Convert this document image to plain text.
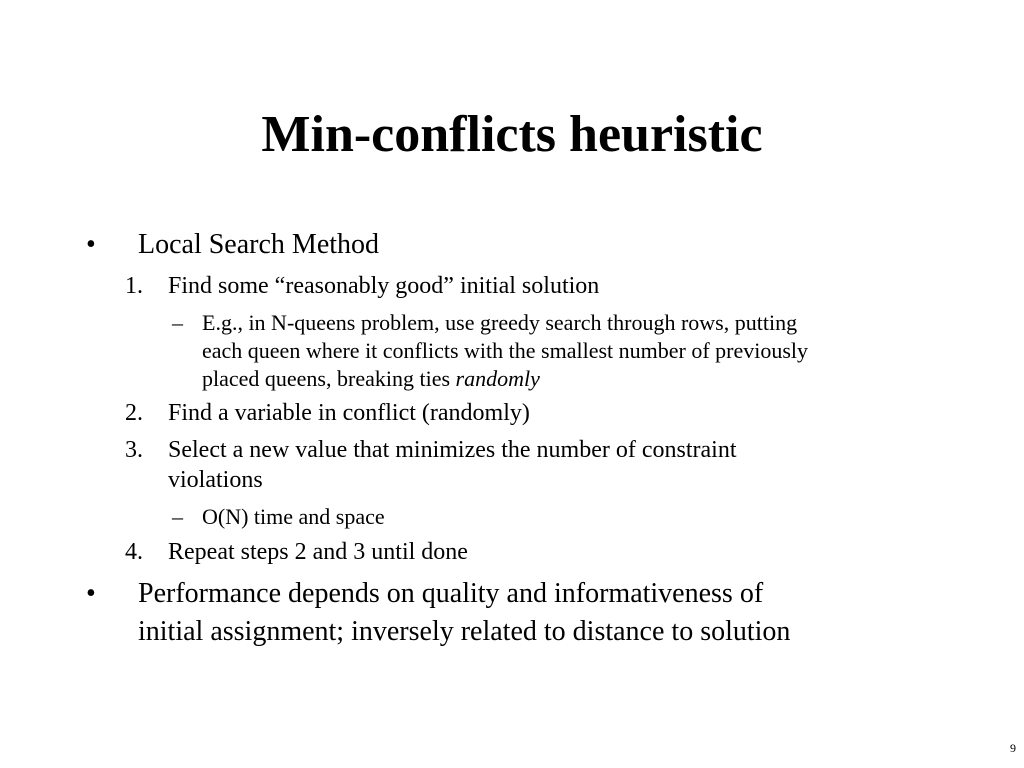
Min-conflicts heuristic
• Local Search Method
1. Find some “reasonably good” initial solution
– E.g., in N-queens problem, use greedy search through rows, putting
each queen where it conflicts with the smallest number of previously
placed queens, breaking ties randomly
2. Find a variable in conflict (randomly)
3. Select a new value that minimizes the number of constraint
violations
– O(N) time and space
4. Repeat steps 2 and 3 until done
• Performance depends on quality and informativeness of
initial assignment; inversely related to distance to solution
9
